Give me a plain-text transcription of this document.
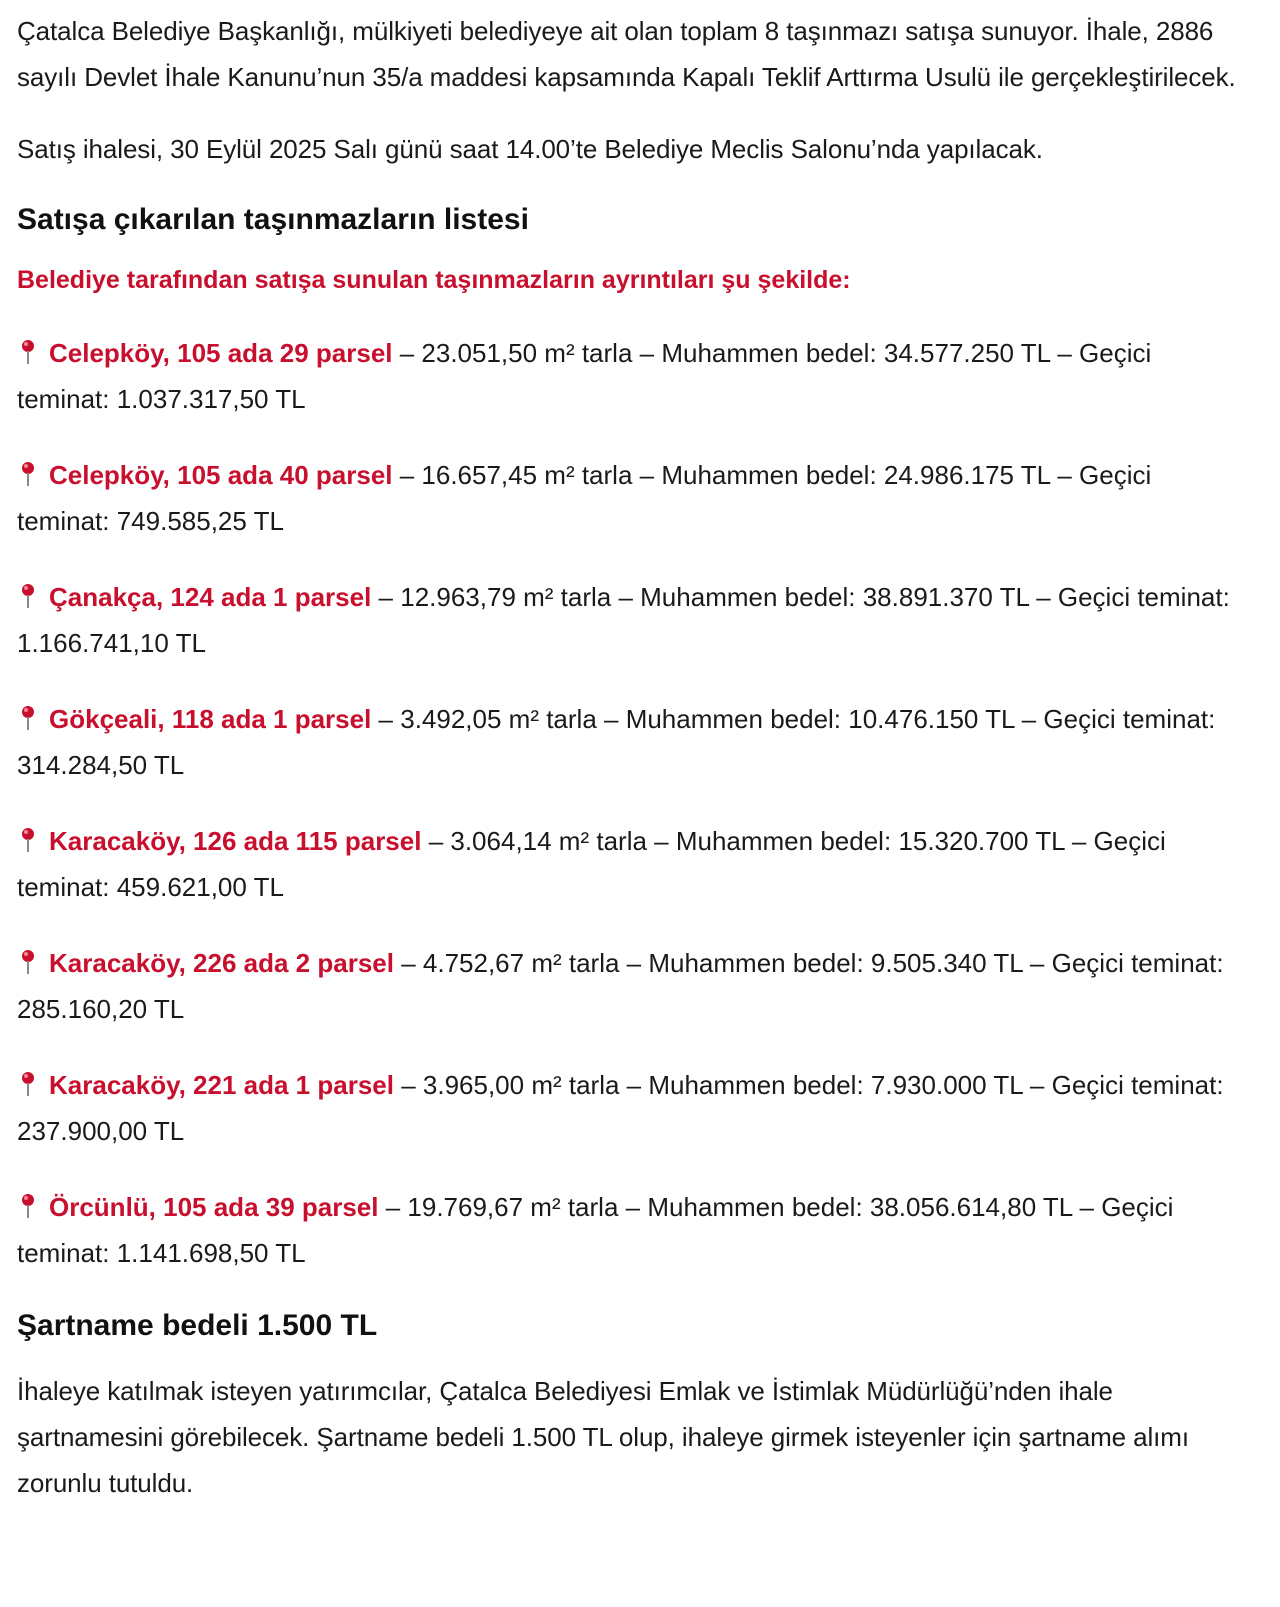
Çatalca Belediye Başkanlığı, mülkiyeti belediyeye ait olan toplam 8 taşınmazı satışa sunuyor. İhale, 2886 sayılı Devlet İhale Kanunu’nun 35/a maddesi kapsamında Kapalı Teklif Arttırma Usulü ile gerçekleştirilecek.

Satış ihalesi, 30 Eylül 2025 Salı günü saat 14.00’te Belediye Meclis Salonu’nda yapılacak.

Satışa çıkarılan taşınmazların listesi

Belediye tarafından satışa sunulan taşınmazların ayrıntıları şu şekilde:

Celepköy, 105 ada 29 parsel – 23.051,50 m² tarla – Muhammen bedel: 34.577.250 TL – Geçici teminat: 1.037.317,50 TL

Celepköy, 105 ada 40 parsel – 16.657,45 m² tarla – Muhammen bedel: 24.986.175 TL – Geçici teminat: 749.585,25 TL

Çanakça, 124 ada 1 parsel – 12.963,79 m² tarla – Muhammen bedel: 38.891.370 TL – Geçici teminat: 1.166.741,10 TL

Gökçeali, 118 ada 1 parsel – 3.492,05 m² tarla – Muhammen bedel: 10.476.150 TL – Geçici teminat: 314.284,50 TL

Karacaköy, 126 ada 115 parsel – 3.064,14 m² tarla – Muhammen bedel: 15.320.700 TL – Geçici teminat: 459.621,00 TL

Karacaköy, 226 ada 2 parsel – 4.752,67 m² tarla – Muhammen bedel: 9.505.340 TL – Geçici teminat: 285.160,20 TL

Karacaköy, 221 ada 1 parsel – 3.965,00 m² tarla – Muhammen bedel: 7.930.000 TL – Geçici teminat: 237.900,00 TL

Örcünlü, 105 ada 39 parsel – 19.769,67 m² tarla – Muhammen bedel: 38.056.614,80 TL – Geçici teminat: 1.141.698,50 TL

Şartname bedeli 1.500 TL

İhaleye katılmak isteyen yatırımcılar, Çatalca Belediyesi Emlak ve İstimlak Müdürlüğü’nden ihale şartnamesini görebilecek. Şartname bedeli 1.500 TL olup, ihaleye girmek isteyenler için şartname alımı zorunlu tutuldu.
